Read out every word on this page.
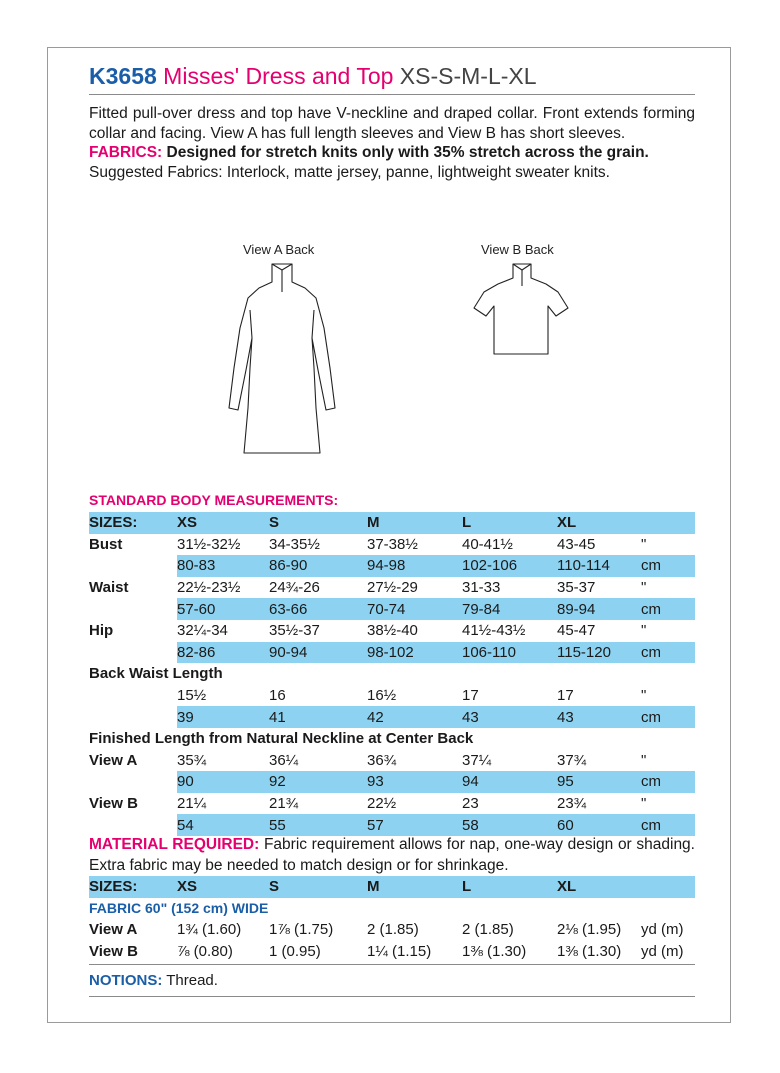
K3658 Misses' Dress and Top XS-S-M-L-XL
Fitted pull-over dress and top have V-neckline and draped collar. Front extends forming collar and facing. View A has full length sleeves and View B has short sleeves.
FABRICS: Designed for stretch knits only with 35% stretch across the grain.
Suggested Fabrics: Interlock, matte jersey, panne, lightweight sweater knits.
View A Back	View B Back
STANDARD BODY MEASUREMENTS:
SIZES:	XS	S	M	L	XL	
Bust	31½-32½	34-35½	37-38½	40-41½	43-45	"
	80-83	86-90	94-98	102-106	110-114	cm
Waist	22½-23½	24¾-26	27½-29	31-33	35-37	"
	57-60	63-66	70-74	79-84	89-94	cm
Hip	32¼-34	35½-37	38½-40	41½-43½	45-47	"
	82-86	90-94	98-102	106-110	115-120	cm
Back Waist Length						
	15½	16	16½	17	17	"
	39	41	42	43	43	cm
Finished Length from Natural Neckline at Center Back						
View A	35¾	36¼	36¾	37¼	37¾	"
	90	92	93	94	95	cm
View B	21¼	21¾	22½	23	23¾	"
	54	55	57	58	60	cm
MATERIAL REQUIRED: Fabric requirement allows for nap, one-way design or shading. Extra fabric may be needed to match design or for shrinkage.
SIZES:	XS	S	M	L	XL	
FABRIC 60" (152 cm) WIDE						
View A	1¾ (1.60)	1⅞ (1.75)	2 (1.85)	2 (1.85)	2⅛ (1.95)	yd (m)
View B	⅞ (0.80)	1 (0.95)	1¼ (1.15)	1⅜ (1.30)	1⅜ (1.30)	yd (m)
NOTIONS: Thread.
